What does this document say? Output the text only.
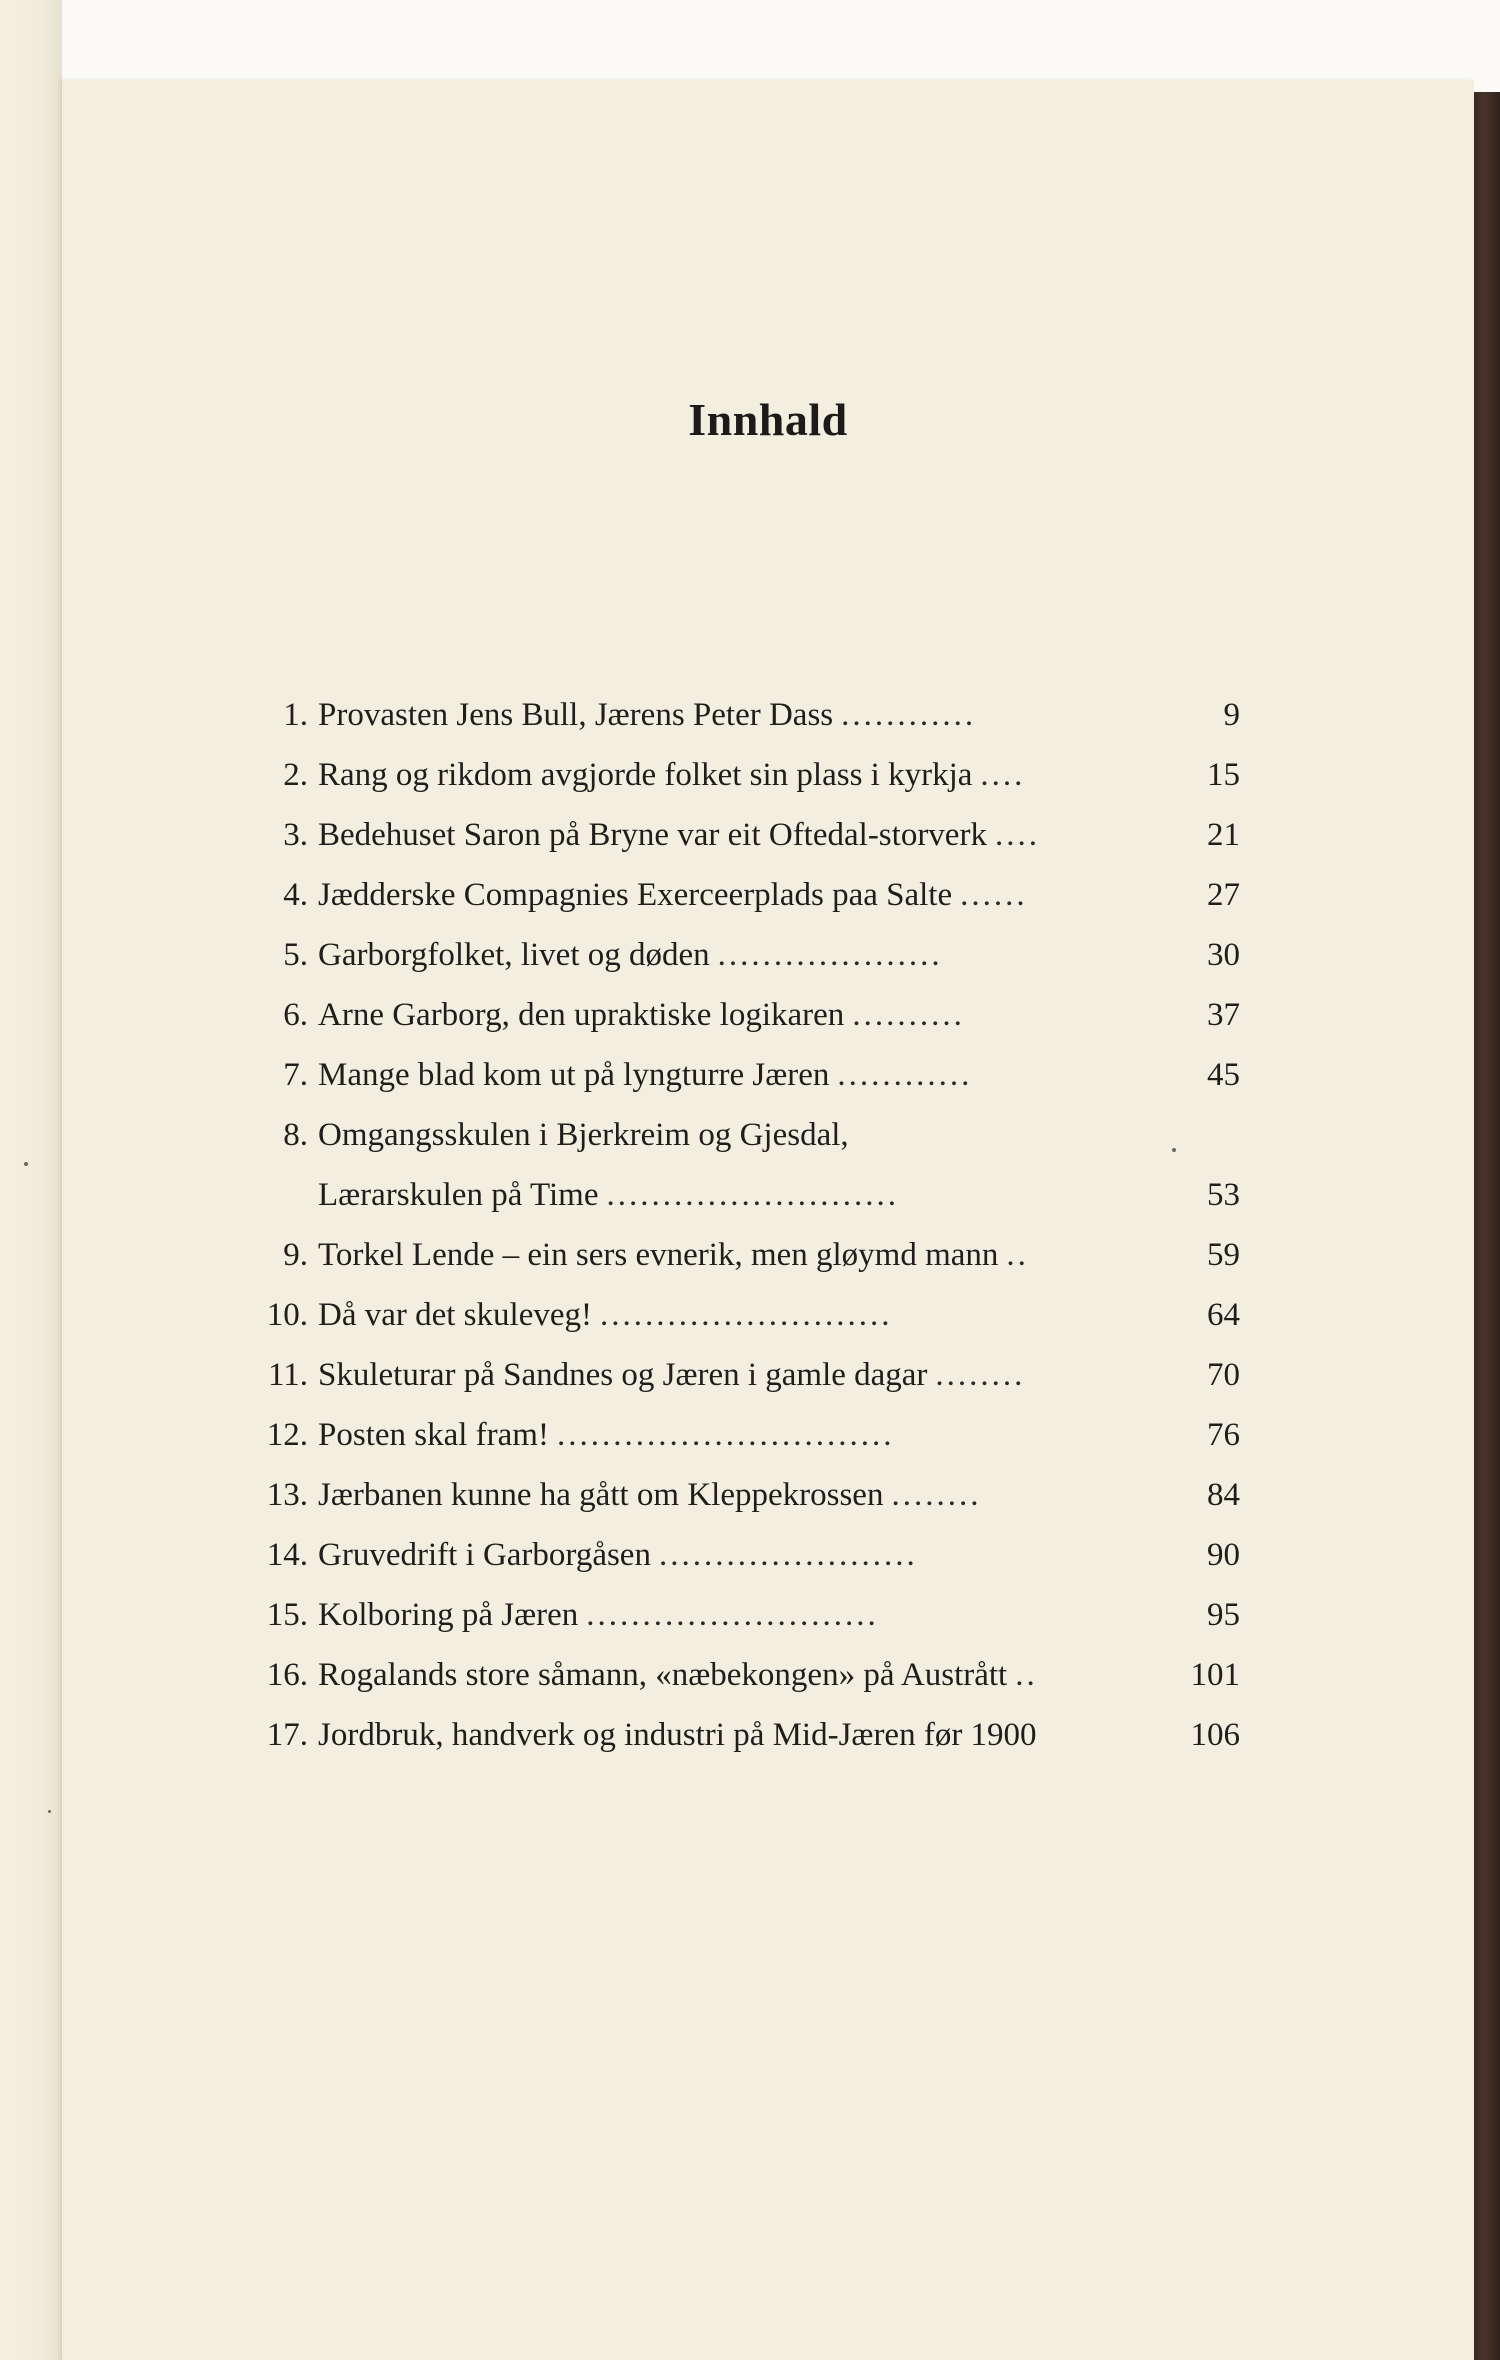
Innhald
1. Provasten Jens Bull, Jærens Peter Dass ............	9
2. Rang og rikdom avgjorde folket sin plass i kyrkja ....	15
3. Bedehuset Saron på Bryne var eit Oftedal-storverk ....	21
4. Jædderske Compagnies Exerceerplads paa Salte ......	27
5. Garborgfolket, livet og døden ....................	30
6. Arne Garborg, den upraktiske logikaren ..........	37
7. Mange blad kom ut på lyngturre Jæren ............	45
8. Omgangsskulen i Bjerkreim og Gjesdal,
Lærarskulen på Time ..........................	53
9. Torkel Lende – ein sers evnerik, men gløymd mann ..	59
10. Då var det skuleveg! ..........................	64
11. Skuleturar på Sandnes og Jæren i gamle dagar ........	70
12. Posten skal fram! ..............................	76
13. Jærbanen kunne ha gått om Kleppekrossen ........	84
14. Gruvedrift i Garborgåsen .......................	90
15. Kolboring på Jæren ..........................	95
16. Rogalands store såmann, «næbekongen» på Austrått ..	101
17. Jordbruk, handverk og industri på Mid-Jæren før 1900	106
